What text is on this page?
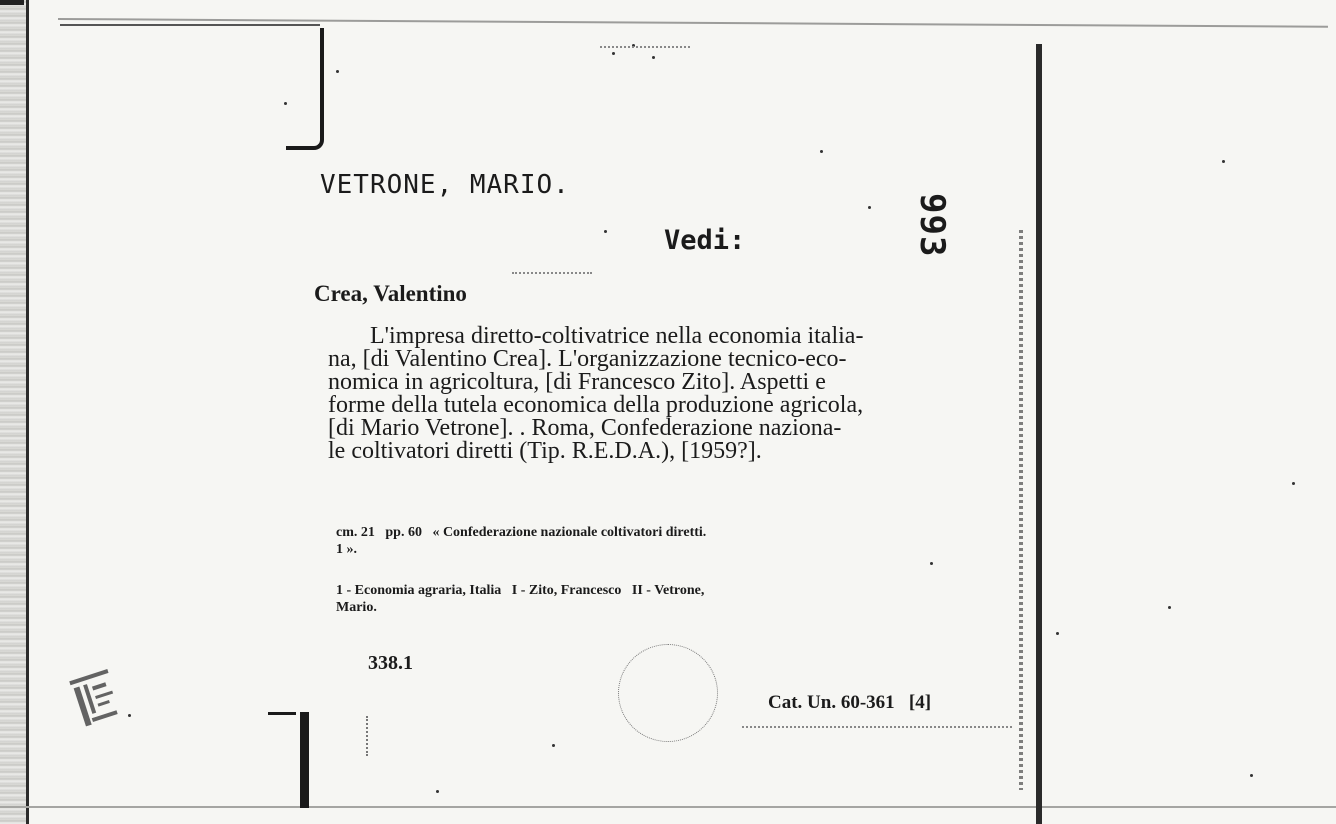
VETRONE, MARIO.
Vedi:	993
Crea, Valentino
L'impresa diretto-coltivatrice nella economia italia-
na, [di Valentino Crea]. L'organizzazione tecnico-eco-
nomica in agricoltura, [di Francesco Zito]. Aspetti e
forme della tutela economica della produzione agricola,
[di Mario Vetrone]. . Roma, Confederazione naziona-
le coltivatori diretti (Tip. R.E.D.A.), [1959?].
cm. 21   pp. 60   « Confederazione nazionale coltivatori diretti.
1 ».
1 - Economia agraria, Italia   I - Zito, Francesco   II - Vetrone,
Mario.
338.1
Cat. Un. 60-361   [4]
